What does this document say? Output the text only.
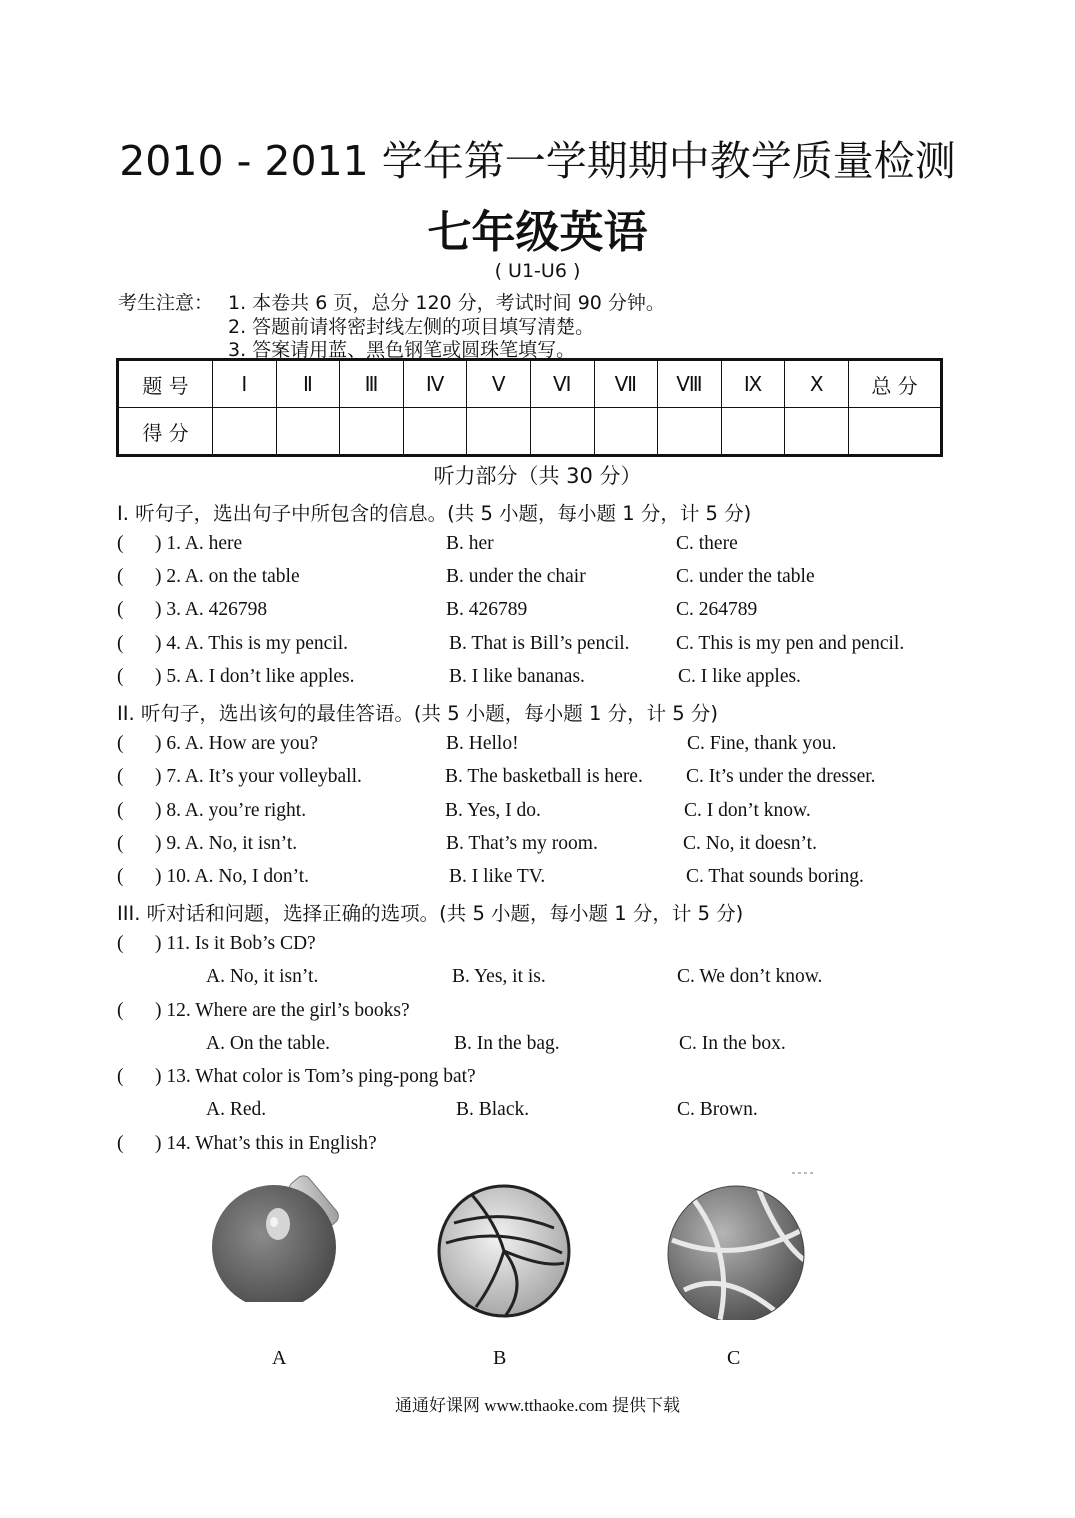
2010 - 2011 学年第一学期期中教学质量检测
七年级英语
( U1-U6 )
考生注意： 1. 本卷共 6 页，总分 120 分，考试时间 90 分钟。
2. 答题前请将密封线左侧的项目填写清楚。
3. 答案请用蓝、黑色钢笔或圆珠笔填写。
题 号	Ⅰ	Ⅱ	Ⅲ	Ⅳ	Ⅴ	Ⅵ	Ⅶ	Ⅷ	Ⅸ	Ⅹ	总 分
得 分											
听力部分（共 30 分）
I. 听句子，选出句子中所包含的信息。(共 5 小题，每小题 1 分，计 5 分)
( ) 1. A. here	B. her	C. there
( ) 2. A. on the table	B. under the chair	C. under the table
( ) 3. A. 426798	B. 426789	C. 264789
( ) 4. A. This is my pencil.	B. That is Bill’s pencil. C. This is my pen and pencil.
( ) 5. A. I don’t like apples.	B. I like bananas.	C. I like apples.
II. 听句子，选出该句的最佳答语。(共 5 小题，每小题 1 分，计 5 分)
( ) 6. A. How are you?	B. Hello!	C. Fine, thank you.
( ) 7. A. It’s your volleyball.	B. The basketball is here. C. It’s under the dresser.
( ) 8. A. you’re right.	B. Yes, I do.	C. I don’t know.
( ) 9. A. No, it isn’t.	B. That’s my room.	C. No, it doesn’t.
( ) 10. A. No, I don’t.	B. I like TV.	C. That sounds boring.
III. 听对话和问题，选择正确的选项。(共 5 小题，每小题 1 分，计 5 分)
( ) 11. Is it Bob’s CD?
A. No, it isn’t.	B. Yes, it is.	C. We don’t know.
( ) 12. Where are the girl’s books?
A. On the table.	B. In the bag.	C. In the box.
( ) 13. What color is Tom’s ping-pong bat?
A. Red.	B. Black.	C. Brown.
( ) 14. What’s this in English?
A	B	C
通通好课网 www.tthaoke.com 提供下载
